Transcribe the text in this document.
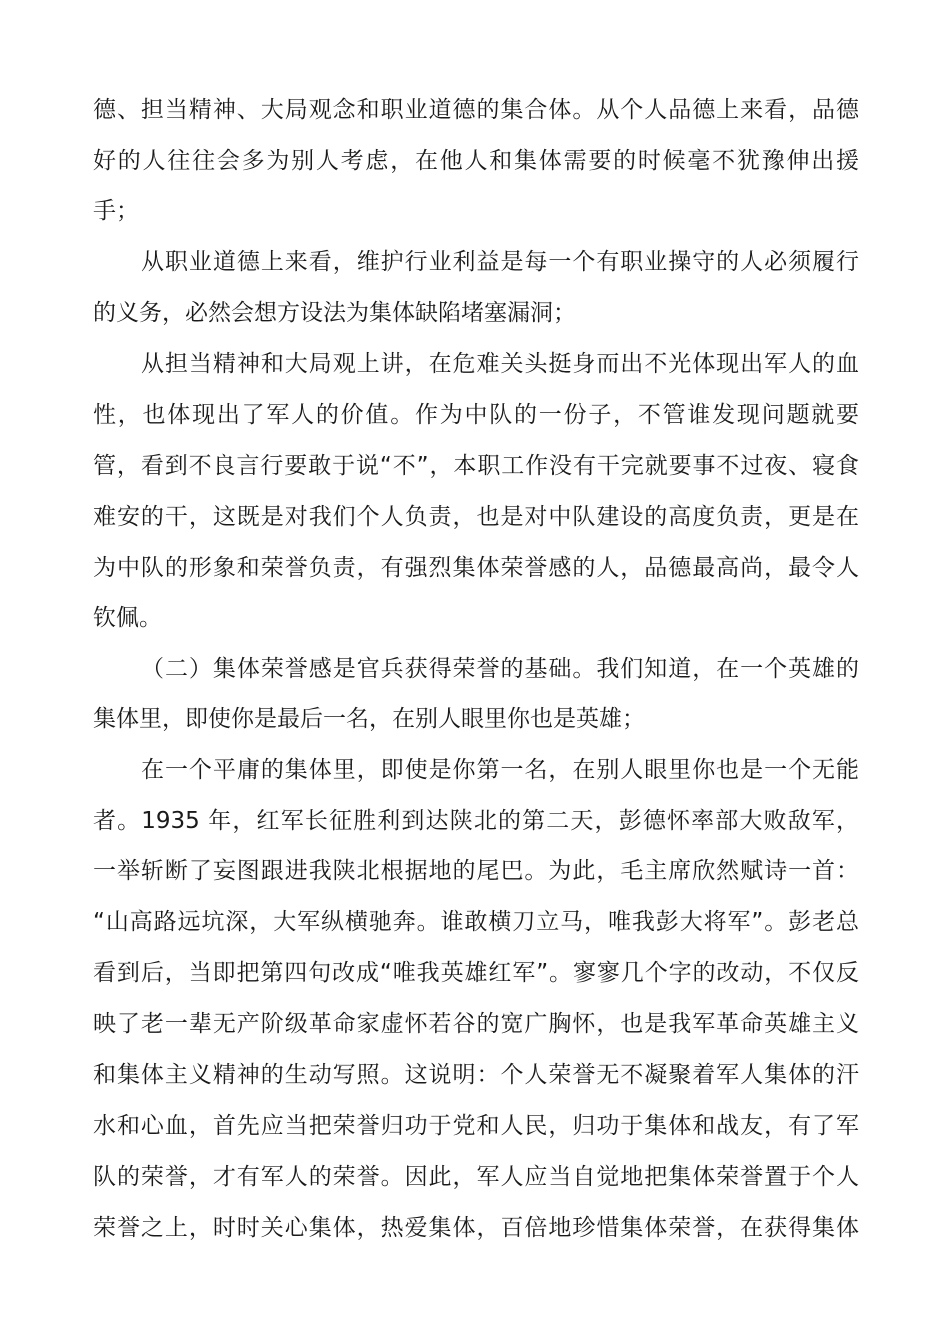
德、担当精神、大局观念和职业道德的集合体。从个人品德上来看，品德
好的人往往会多为别人考虑，在他人和集体需要的时候毫不犹豫伸出援
手；
从职业道德上来看，维护行业利益是每一个有职业操守的人必须履行
的义务，必然会想方设法为集体缺陷堵塞漏洞；
从担当精神和大局观上讲，在危难关头挺身而出不光体现出军人的血
性，也体现出了军人的价值。作为中队的一份子，不管谁发现问题就要
管，看到不良言行要敢于说“不”，本职工作没有干完就要事不过夜、寝食
难安的干，这既是对我们个人负责，也是对中队建设的高度负责，更是在
为中队的形象和荣誉负责，有强烈集体荣誉感的人，品德最高尚，最令人
钦佩。
（二）集体荣誉感是官兵获得荣誉的基础。我们知道，在一个英雄的
集体里，即使你是最后一名，在别人眼里你也是英雄；
在一个平庸的集体里，即使是你第一名，在别人眼里你也是一个无能
者。1935 年，红军长征胜利到达陕北的第二天，彭德怀率部大败敌军，
一举斩断了妄图跟进我陕北根据地的尾巴。为此，毛主席欣然赋诗一首：
“山高路远坑深，大军纵横驰奔。谁敢横刀立马，唯我彭大将军”。彭老总
看到后，当即把第四句改成“唯我英雄红军”。寥寥几个字的改动，不仅反
映了老一辈无产阶级革命家虚怀若谷的宽广胸怀，也是我军革命英雄主义
和集体主义精神的生动写照。这说明：个人荣誉无不凝聚着军人集体的汗
水和心血，首先应当把荣誉归功于党和人民，归功于集体和战友，有了军
队的荣誉，才有军人的荣誉。因此，军人应当自觉地把集体荣誉置于个人
荣誉之上，时时关心集体，热爱集体，百倍地珍惜集体荣誉，在获得集体
